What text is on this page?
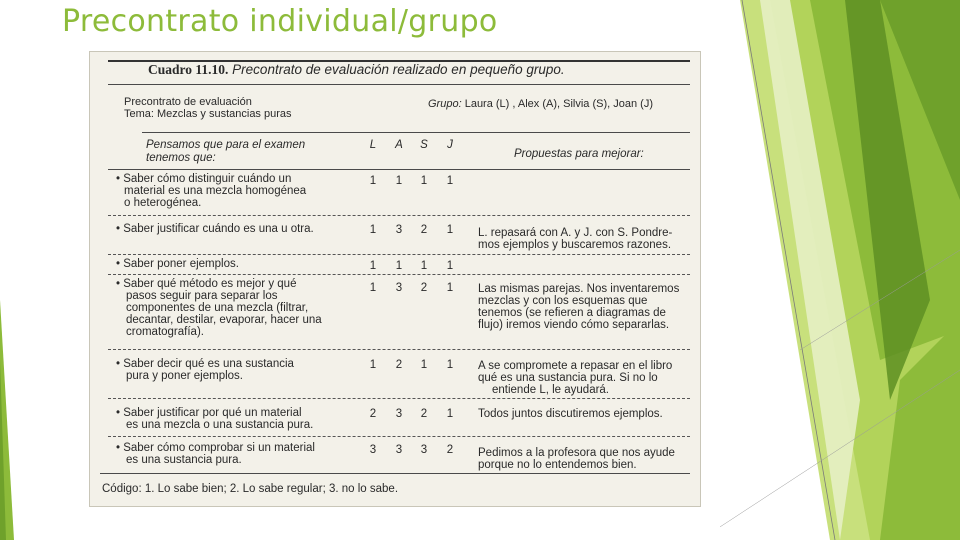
Precontrato individual/grupo
Cuadro 11.10. Precontrato de evaluación realizado en pequeño grupo.
Precontrato de evaluación
Tema: Mezclas y sustancias puras
Grupo: Laura (L) , Alex (A), Silvia (S), Joan (J)
Pensamos que para el examen
tenemos que:
L	A	S	J
Propuestas para mejorar:
• Saber cómo distinguir cuándo un
material es una mezcla homogénea
o heterogénea.
1	1	1	1
• Saber justificar cuándo es una u otra.	1	3	2	1	L. repasará con A. y J. con S. Pondre-
mos ejemplos y buscaremos razones.
• Saber poner ejemplos.	1	1	1	1
• Saber qué método es mejor y qué
pasos seguir para separar los
componentes de una mezcla (filtrar,
decantar, destilar, evaporar, hacer una
cromatografía).
1	3	2	1	Las mismas parejas. Nos inventaremos
mezclas y con los esquemas que
tenemos (se refieren a diagramas de
flujo) iremos viendo cómo separarlas.
• Saber decir qué es una sustancia
pura y poner ejemplos.
1	2	1	1	A se compromete a repasar en el libro
qué es una sustancia pura. Si no lo
entiende L, le ayudará.
• Saber justificar por qué un material
es una mezcla o una sustancia pura.
2	3	2	1	Todos juntos discutiremos ejemplos.
• Saber cómo comprobar si un material
es una sustancia pura.
3	3	3	2	Pedimos a la profesora que nos ayude
porque no lo entendemos bien.
Código: 1. Lo sabe bien; 2. Lo sabe regular; 3. no lo sabe.
